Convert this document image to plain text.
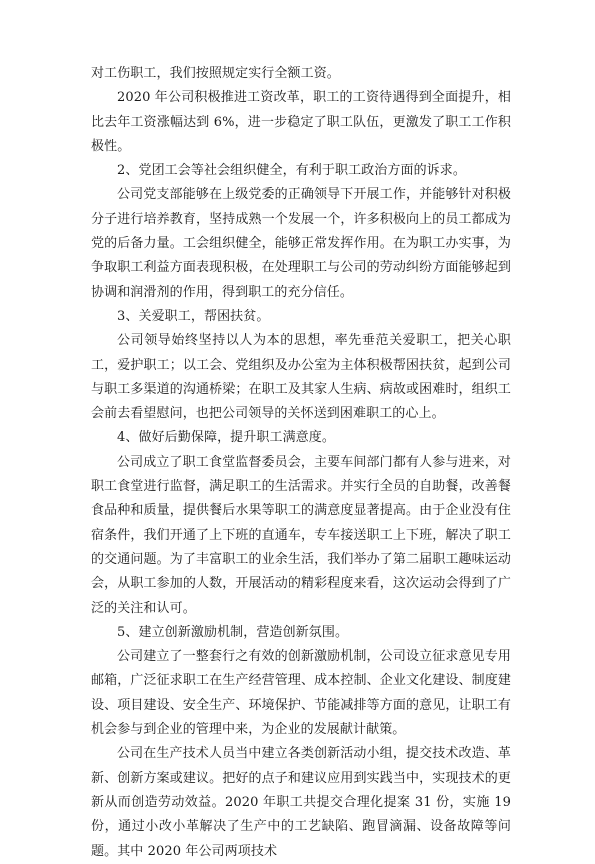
对工伤职工，我们按照规定实行全额工资。

2020 年公司积极推进工资改革，职工的工资待遇得到全面提升，相比去年工资涨幅达到 6%，进一步稳定了职工队伍，更激发了职工工作积极性。

2、党团工会等社会组织健全，有利于职工政治方面的诉求。

公司党支部能够在上级党委的正确领导下开展工作，并能够针对积极分子进行培养教育，坚持成熟一个发展一个，许多积极向上的员工都成为党的后备力量。工会组织健全，能够正常发挥作用。在为职工办实事，为争取职工利益方面表现积极，在处理职工与公司的劳动纠纷方面能够起到协调和润滑剂的作用，得到职工的充分信任。

3、关爱职工，帮困扶贫。

公司领导始终坚持以人为本的思想，率先垂范关爱职工，把关心职工，爱护职工；以工会、党组织及办公室为主体积极帮困扶贫，起到公司与职工多渠道的沟通桥梁；在职工及其家人生病、病故或困难时，组织工会前去看望慰问，也把公司领导的关怀送到困难职工的心上。

4、做好后勤保障，提升职工满意度。

公司成立了职工食堂监督委员会，主要车间部门都有人参与进来，对职工食堂进行监督，满足职工的生活需求。并实行全员的自助餐，改善餐食品种和质量，提供餐后水果等职工的满意度显著提高。由于企业没有住宿条件，我们开通了上下班的直通车，专车接送职工上下班，解决了职工的交通问题。为了丰富职工的业余生活，我们举办了第二届职工趣味运动会，从职工参加的人数，开展活动的精彩程度来看，这次运动会得到了广泛的关注和认可。

5、建立创新激励机制，营造创新氛围。

公司建立了一整套行之有效的创新激励机制，公司设立征求意见专用邮箱，广泛征求职工在生产经营管理、成本控制、企业文化建设、制度建设、项目建设、安全生产、环境保护、节能减排等方面的意见，让职工有机会参与到企业的管理中来，为企业的发展献计献策。

公司在生产技术人员当中建立各类创新活动小组，提交技术改造、革新、创新方案或建议。把好的点子和建议应用到实践当中，实现技术的更新从而创造劳动效益。2020 年职工共提交合理化提案 31 份，实施 19 份，通过小改小革解决了生产中的工艺缺陷、跑冒滴漏、设备故障等问题。其中 2020 年公司两项技术
